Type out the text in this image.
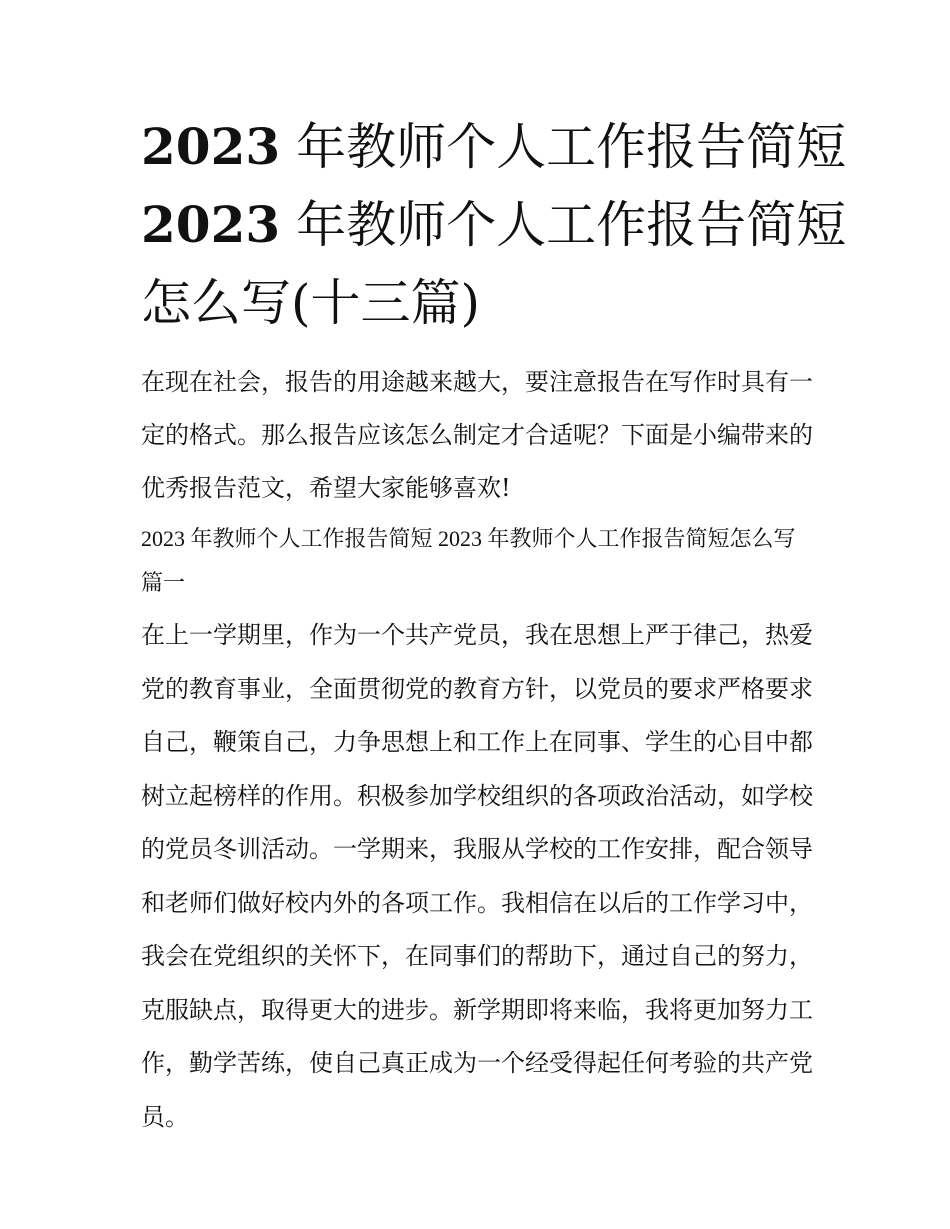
2023 年教师个人工作报告简短
2023 年教师个人工作报告简短
怎么写(十三篇)

在现在社会，报告的用途越来越大，要注意报告在写作时具有一定的格式。那么报告应该怎么制定才合适呢？下面是小编带来的优秀报告范文，希望大家能够喜欢!

2023 年教师个人工作报告简短 2023 年教师个人工作报告简短怎么写篇一

在上一学期里，作为一个共产党员，我在思想上严于律己，热爱党的教育事业，全面贯彻党的教育方针，以党员的要求严格要求自己，鞭策自己，力争思想上和工作上在同事、学生的心目中都树立起榜样的作用。积极参加学校组织的各项政治活动，如学校的党员冬训活动。一学期来，我服从学校的工作安排，配合领导和老师们做好校内外的各项工作。我相信在以后的工作学习中，我会在党组织的关怀下，在同事们的帮助下，通过自己的努力，克服缺点，取得更大的进步。新学期即将来临，我将更加努力工作，勤学苦练，使自己真正成为一个经受得起任何考验的共产党员。
